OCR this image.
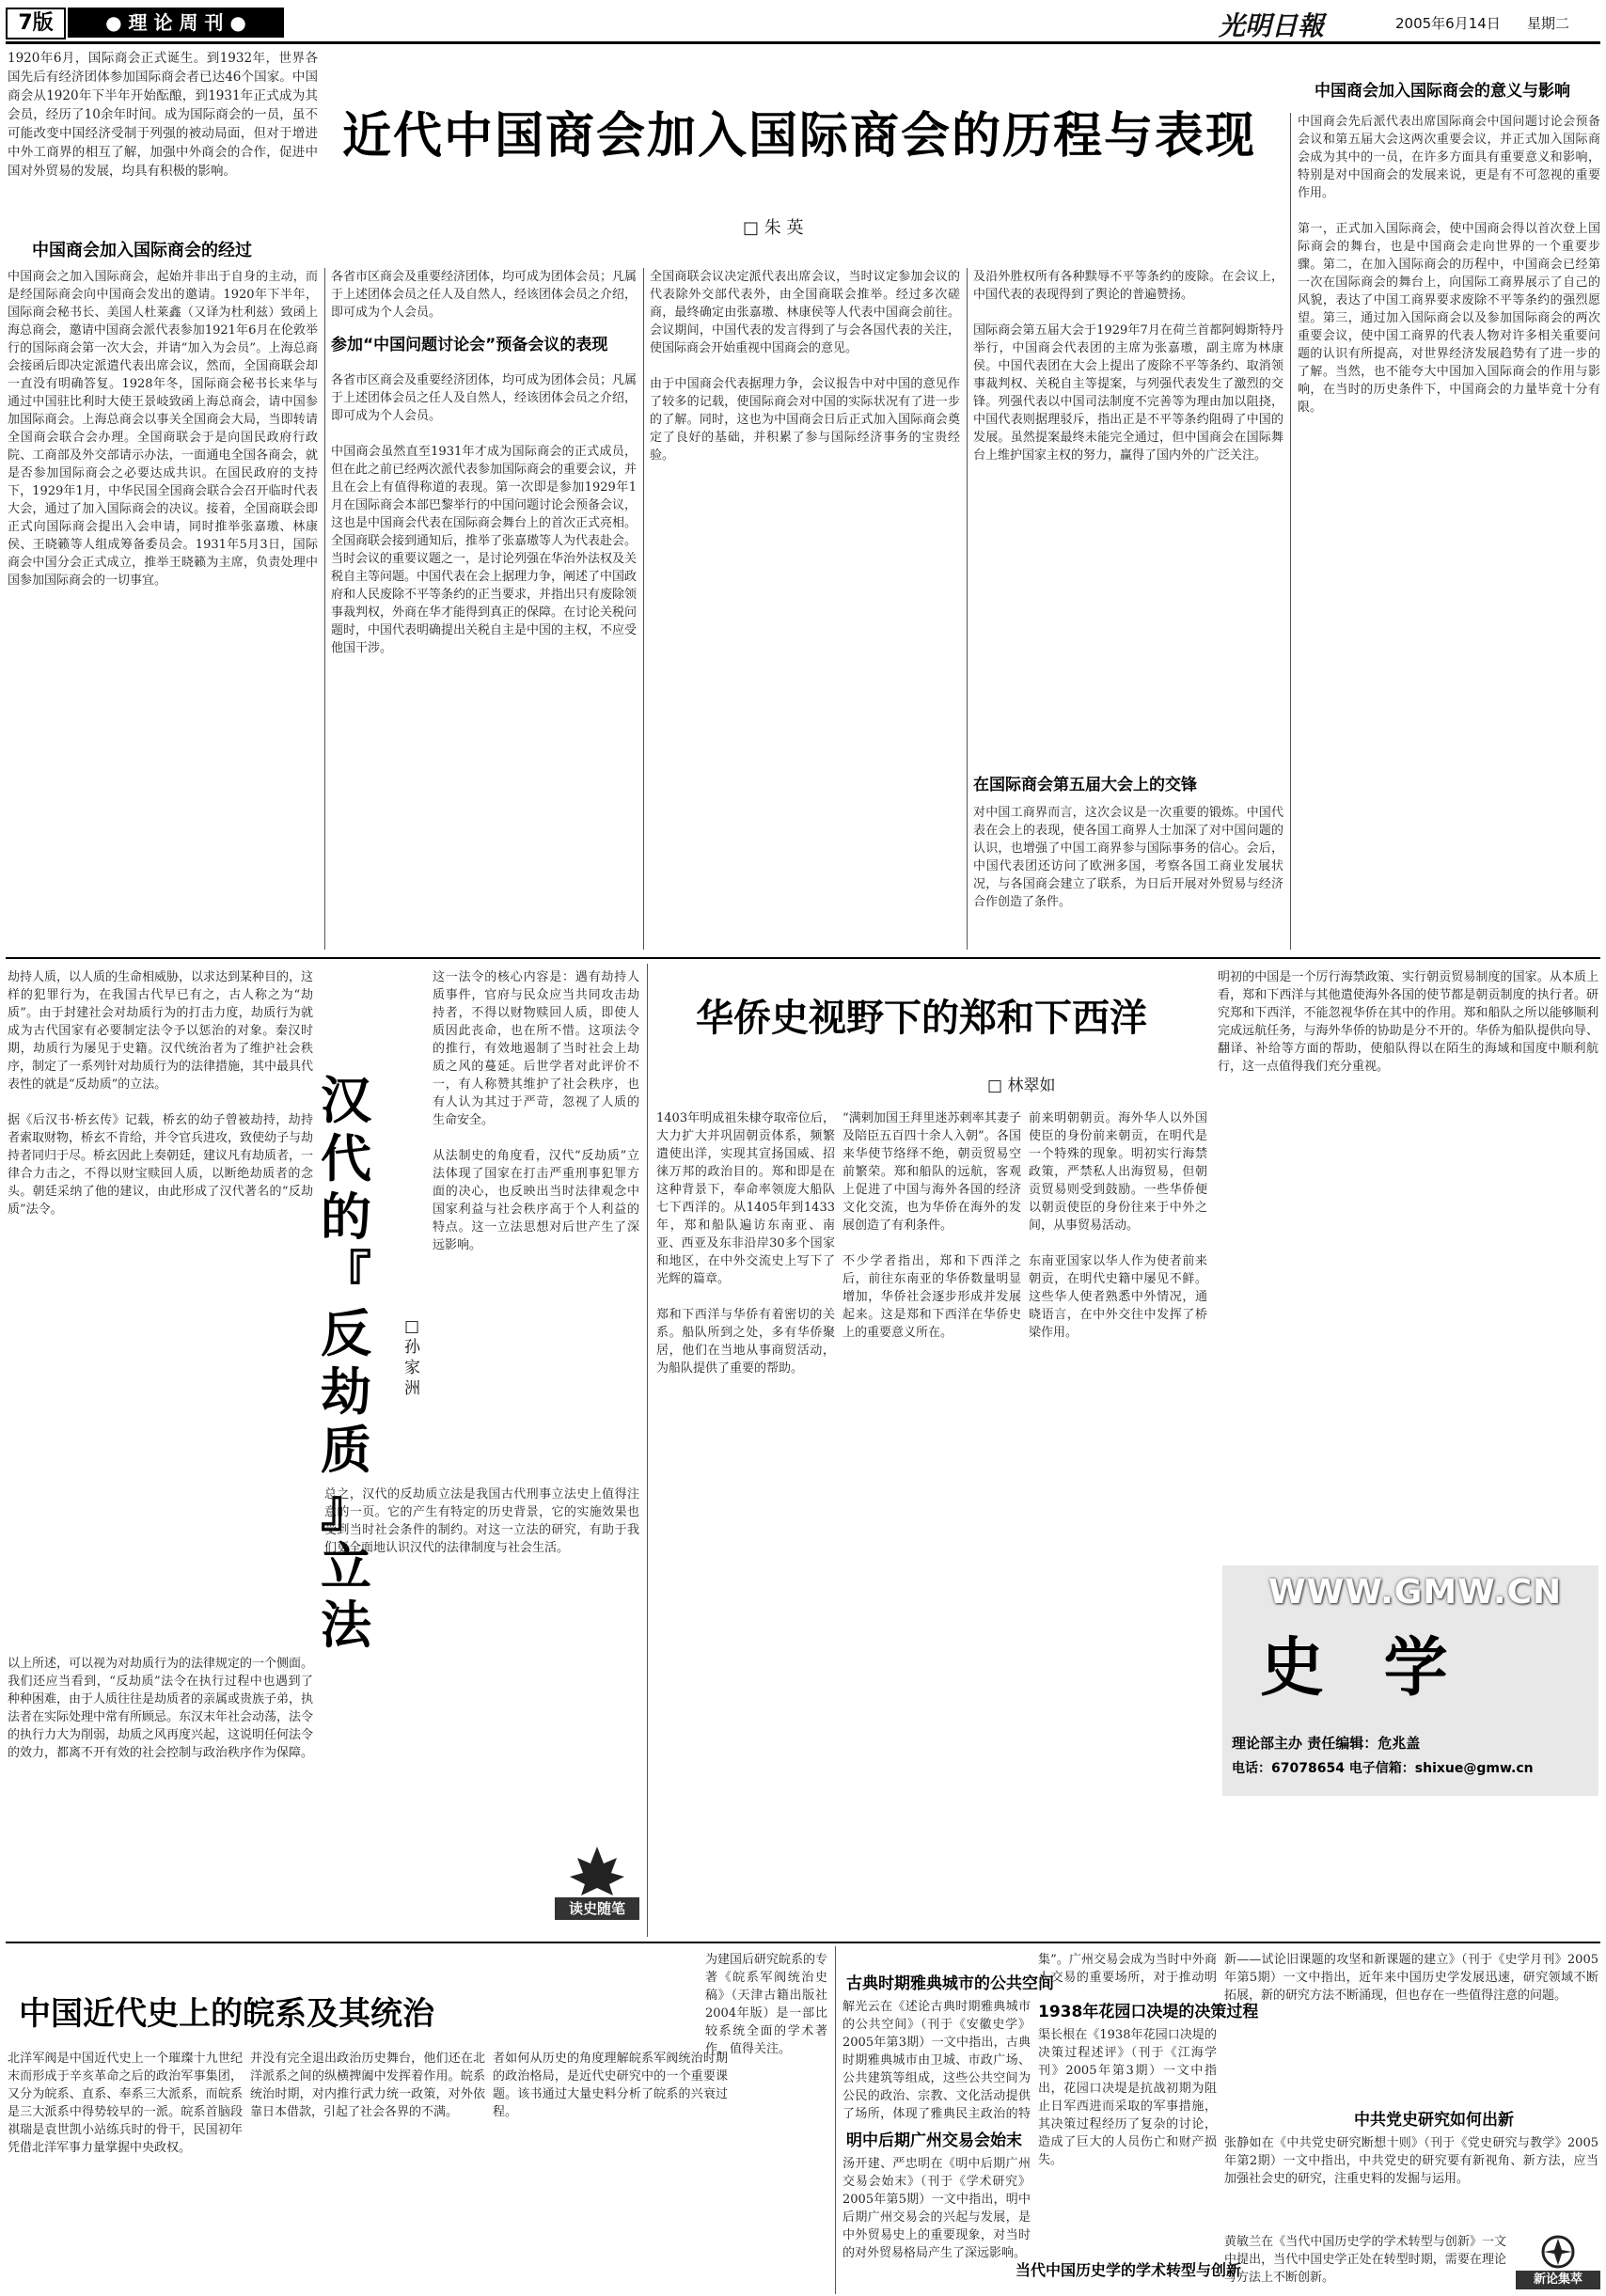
7版	● 理 论 周 刊 ●	光明日報	2005年6月14日 星期二
1920年6月，国际商会正式诞生。到1932年，世界各国先后有经济团体参加国际商会者已达46个国家。中国商会从1920年下半年开始酝酿，到1931年正式成为其会员，经历了10余年时间。成为国际商会的一员，虽不可能改变中国经济受制于列强的被动局面，但对于增进中外工商界的相互了解，加强中外商会的合作，促进中国对外贸易的发展，均具有积极的影响。
近代中国商会加入国际商会的历程与表现
□ 朱 英
中国商会加入国际商会的意义与影响
中国商会加入国际商会的经过
中国商会之加入国际商会，起始并非出于自身的主动，而是经国际商会向中国商会发出的邀请。1920年下半年，国际商会秘书长、美国人杜莱鑫（又译为杜利兹）致函上海总商会，邀请中国商会派代表参加1921年6月在伦敦举行的国际商会第一次大会，并请“加入为会员”。上海总商会接函后即决定派遣代表出席会议，然而，全国商联会却一直没有明确答复。1928年冬，国际商会秘书长来华与通过中国驻比利时大使王景岐致函上海总商会，请中国参加国际商会。上海总商会以事关全国商会大局，当即转请全国商会联合会办理。全国商联会于是向国民政府行政院、工商部及外交部请示办法，一面通电全国各商会，就是否参加国际商会之必要达成共识。在国民政府的支持下，1929年1月，中华民国全国商会联合会召开临时代表大会，通过了加入国际商会的决议。接着，全国商联会即正式向国际商会提出入会申请，同时推举张嘉璈、林康侯、王晓籁等人组成筹备委员会。1931年5月3日，国际商会中国分会正式成立，推举王晓籁为主席，负责处理中国参加国际商会的一切事宜。
各省市区商会及重要经济团体，均可成为团体会员；凡属于上述团体会员之任人及自然人，经该团体会员之介绍，即可成为个人会员。

参加“中国问题讨论会”预备会议的表现
各省市区商会及重要经济团体，均可成为团体会员；凡属于上述团体会员之任人及自然人，经该团体会员之介绍，即可成为个人会员。

中国商会虽然直至1931年才成为国际商会的正式成员，但在此之前已经两次派代表参加国际商会的重要会议，并且在会上有值得称道的表现。第一次即是参加1929年1月在国际商会本部巴黎举行的中国问题讨论会预备会议，这也是中国商会代表在国际商会舞台上的首次正式亮相。全国商联会接到通知后，推举了张嘉璈等人为代表赴会。当时会议的重要议题之一，是讨论列强在华治外法权及关税自主等问题。中国代表在会上据理力争，阐述了中国政府和人民废除不平等条约的正当要求，并指出只有废除领事裁判权，外商在华才能得到真正的保障。在讨论关税问题时，中国代表明确提出关税自主是中国的主权，不应受他国干涉。
全国商联会议决定派代表出席会议，当时议定参加会议的代表除外交部代表外，由全国商联会推举。经过多次磋商，最终确定由张嘉璈、林康侯等人代表中国商会前往。会议期间，中国代表的发言得到了与会各国代表的关注，使国际商会开始重视中国商会的意见。

由于中国商会代表据理力争，会议报告中对中国的意见作了较多的记载，使国际商会对中国的实际状况有了进一步的了解。同时，这也为中国商会日后正式加入国际商会奠定了良好的基础，并积累了参与国际经济事务的宝贵经验。
及沿外胜权所有各种黩辱不平等条约的废除。在会议上，中国代表的表现得到了舆论的普遍赞扬。

国际商会第五届大会于1929年7月在荷兰首都阿姆斯特丹举行，中国商会代表团的主席为张嘉璈，副主席为林康侯。中国代表团在大会上提出了废除不平等条约、取消领事裁判权、关税自主等提案，与列强代表发生了激烈的交锋。列强代表以中国司法制度不完善等为理由加以阻挠，中国代表则据理驳斥，指出正是不平等条约阻碍了中国的发展。虽然提案最终未能完全通过，但中国商会在国际舞台上维护国家主权的努力，赢得了国内外的广泛关注。
在国际商会第五届大会上的交锋
对中国工商界而言，这次会议是一次重要的锻炼。中国代表在会上的表现，使各国工商界人士加深了对中国问题的认识，也增强了中国工商界参与国际事务的信心。会后，中国代表团还访问了欧洲多国，考察各国工商业发展状况，与各国商会建立了联系，为日后开展对外贸易与经济合作创造了条件。
中国商会先后派代表出席国际商会中国问题讨论会预备会议和第五届大会这两次重要会议，并正式加入国际商会成为其中的一员，在许多方面具有重要意义和影响，特别是对中国商会的发展来说，更是有不可忽视的重要作用。

第一，正式加入国际商会，使中国商会得以首次登上国际商会的舞台，也是中国商会走向世界的一个重要步骤。第二，在加入国际商会的历程中，中国商会已经第一次在国际商会的舞台上，向国际工商界展示了自己的风貌，表达了中国工商界要求废除不平等条约的强烈愿望。第三，通过加入国际商会以及参加国际商会的两次重要会议，使中国工商界的代表人物对许多相关重要问题的认识有所提高，对世界经济发展趋势有了进一步的了解。当然，也不能夸大中国加入国际商会的作用与影响，在当时的历史条件下，中国商会的力量毕竟十分有限。
劫持人质，以人质的生命相威胁，以求达到某种目的，这样的犯罪行为，在我国古代早已有之，古人称之为“劫质”。由于封建社会对劫质行为的打击力度，劫质行为就成为古代国家有必要制定法令予以惩治的对象。秦汉时期，劫质行为屡见于史籍。汉代统治者为了维护社会秩序，制定了一系列针对劫质行为的法律措施，其中最具代表性的就是“反劫质”的立法。

据《后汉书·桥玄传》记载，桥玄的幼子曾被劫持，劫持者索取财物，桥玄不肯给，并令官兵进攻，致使幼子与劫持者同归于尽。桥玄因此上奏朝廷，建议凡有劫质者，一律合力击之，不得以财宝赎回人质，以断绝劫质者的念头。朝廷采纳了他的建议，由此形成了汉代著名的“反劫质”法令。
汉
代
的
『
反
劫
质
』
立
法
□ 孙家洲
这一法令的核心内容是：遇有劫持人质事件，官府与民众应当共同攻击劫持者，不得以财物赎回人质，即使人质因此丧命，也在所不惜。这项法令的推行，有效地遏制了当时社会上劫质之风的蔓延。后世学者对此评价不一，有人称赞其维护了社会秩序，也有人认为其过于严苛，忽视了人质的生命安全。

从法制史的角度看，汉代“反劫质”立法体现了国家在打击严重刑事犯罪方面的决心，也反映出当时法律观念中国家利益与社会秩序高于个人利益的特点。这一立法思想对后世产生了深远影响。
以上所述，可以视为对劫质行为的法律规定的一个侧面。我们还应当看到，“反劫质”法令在执行过程中也遇到了种种困难，由于人质往往是劫质者的亲属或贵族子弟，执法者在实际处理中常有所顾忌。东汉末年社会动荡，法令的执行力大为削弱，劫质之风再度兴起，这说明任何法令的效力，都离不开有效的社会控制与政治秩序作为保障。
总之，汉代的反劫质立法是我国古代刑事立法史上值得注意的一页。它的产生有特定的历史背景，它的实施效果也受到当时社会条件的制约。对这一立法的研究，有助于我们更全面地认识汉代的法律制度与社会生活。
读史随笔
华侨史视野下的郑和下西洋
□ 林翠如
1403年明成祖朱棣夺取帝位后，大力扩大并巩固朝贡体系，频繁遣使出洋，实现其宣扬国威、招徕万邦的政治目的。郑和即是在这种背景下，奉命率领庞大船队七下西洋的。从1405年到1433年，郑和船队遍访东南亚、南亚、西亚及东非沿岸30多个国家和地区，在中外交流史上写下了光辉的篇章。

郑和下西洋与华侨有着密切的关系。船队所到之处，多有华侨聚居，他们在当地从事商贸活动，为船队提供了重要的帮助。
“满剌加国王拜里迷苏剌率其妻子及陪臣五百四十余人入朝”。各国来华使节络绎不绝，朝贡贸易空前繁荣。郑和船队的远航，客观上促进了中国与海外各国的经济文化交流，也为华侨在海外的发展创造了有利条件。

不少学者指出，郑和下西洋之后，前往东南亚的华侨数量明显增加，华侨社会逐步形成并发展起来。这是郑和下西洋在华侨史上的重要意义所在。
前来明朝朝贡。海外华人以外国使臣的身份前来朝贡，在明代是一个特殊的现象。明初实行海禁政策，严禁私人出海贸易，但朝贡贸易则受到鼓励。一些华侨便以朝贡使臣的身份往来于中外之间，从事贸易活动。

东南亚国家以华人作为使者前来朝贡，在明代史籍中屡见不鲜。这些华人使者熟悉中外情况，通晓语言，在中外交往中发挥了桥梁作用。
明初的中国是一个厉行海禁政策、实行朝贡贸易制度的国家。从本质上看，郑和下西洋与其他遣使海外各国的使节都是朝贡制度的执行者。研究郑和下西洋，不能忽视华侨在其中的作用。郑和船队之所以能够顺利完成远航任务，与海外华侨的协助是分不开的。华侨为船队提供向导、翻译、补给等方面的帮助，使船队得以在陌生的海域和国度中顺利航行，这一点值得我们充分重视。
WWW.GMW.CN
史 学
理论部主办 责任编辑：危兆盖
电话：67078654 电子信箱：shixue@gmw.cn
中国近代史上的皖系及其统治
北洋军阀是中国近代史上一个璀璨十九世纪末而形成于辛亥革命之后的政治军事集团，又分为皖系、直系、奉系三大派系，而皖系是三大派系中得势较早的一派。皖系首脑段祺瑞是袁世凯小站练兵时的骨干，民国初年凭借北洋军事力量掌握中央政权。
并没有完全退出政治历史舞台，他们还在北洋派系之间的纵横捭阖中发挥着作用。皖系统治时期，对内推行武力统一政策，对外依靠日本借款，引起了社会各界的不满。
者如何从历史的角度理解皖系军阀统治时期的政治格局，是近代史研究中的一个重要课题。该书通过大量史料分析了皖系的兴衰过程。
为建国后研究皖系的专著《皖系军阀统治史稿》（天津古籍出版社2004年版）是一部比较系统全面的学术著作，值得关注。
古典时期雅典城市的公共空间
解光云在《述论古典时期雅典城市的公共空间》（刊于《安徽史学》2005年第3期）一文中指出，古典时期雅典城市由卫城、市政广场、公共建筑等组成，这些公共空间为公民的政治、宗教、文化活动提供了场所，体现了雅典民主政治的特
明中后期广州交易会始末
汤开建、严忠明在《明中后期广州交易会始末》（刊于《学术研究》2005年第5期）一文中指出，明中后期广州交易会的兴起与发展，是中外贸易史上的重要现象，对当时的对外贸易格局产生了深远影响。
集”。广州交易会成为当时中外商人交易的重要场所，对于推动明
1938年花园口决堤的决策过程
渠长根在《1938年花园口决堤的决策过程述评》（刊于《江海学刊》2005年第3期）一文中指出，花园口决堤是抗战初期为阻止日军西进而采取的军事措施，其决策过程经历了复杂的讨论，造成了巨大的人员伤亡和财产损失。
当代中国历史学的学术转型与创新
新——试论旧课题的攻坚和新课题的建立》（刊于《史学月刊》2005年第5期）一文中指出，近年来中国历史学发展迅速，研究领域不断拓展，新的研究方法不断涌现，但也存在一些值得注意的问题。
中共党史研究如何出新
张静如在《中共党史研究断想十则》（刊于《党史研究与教学》2005年第2期）一文中指出，中共党史的研究要有新视角、新方法，应当加强社会史的研究，注重史料的发掘与运用。
黄敏兰在《当代中国历史学的学术转型与创新》一文中提出，当代中国史学正处在转型时期，需要在理论与方法上不断创新。	新论集萃
